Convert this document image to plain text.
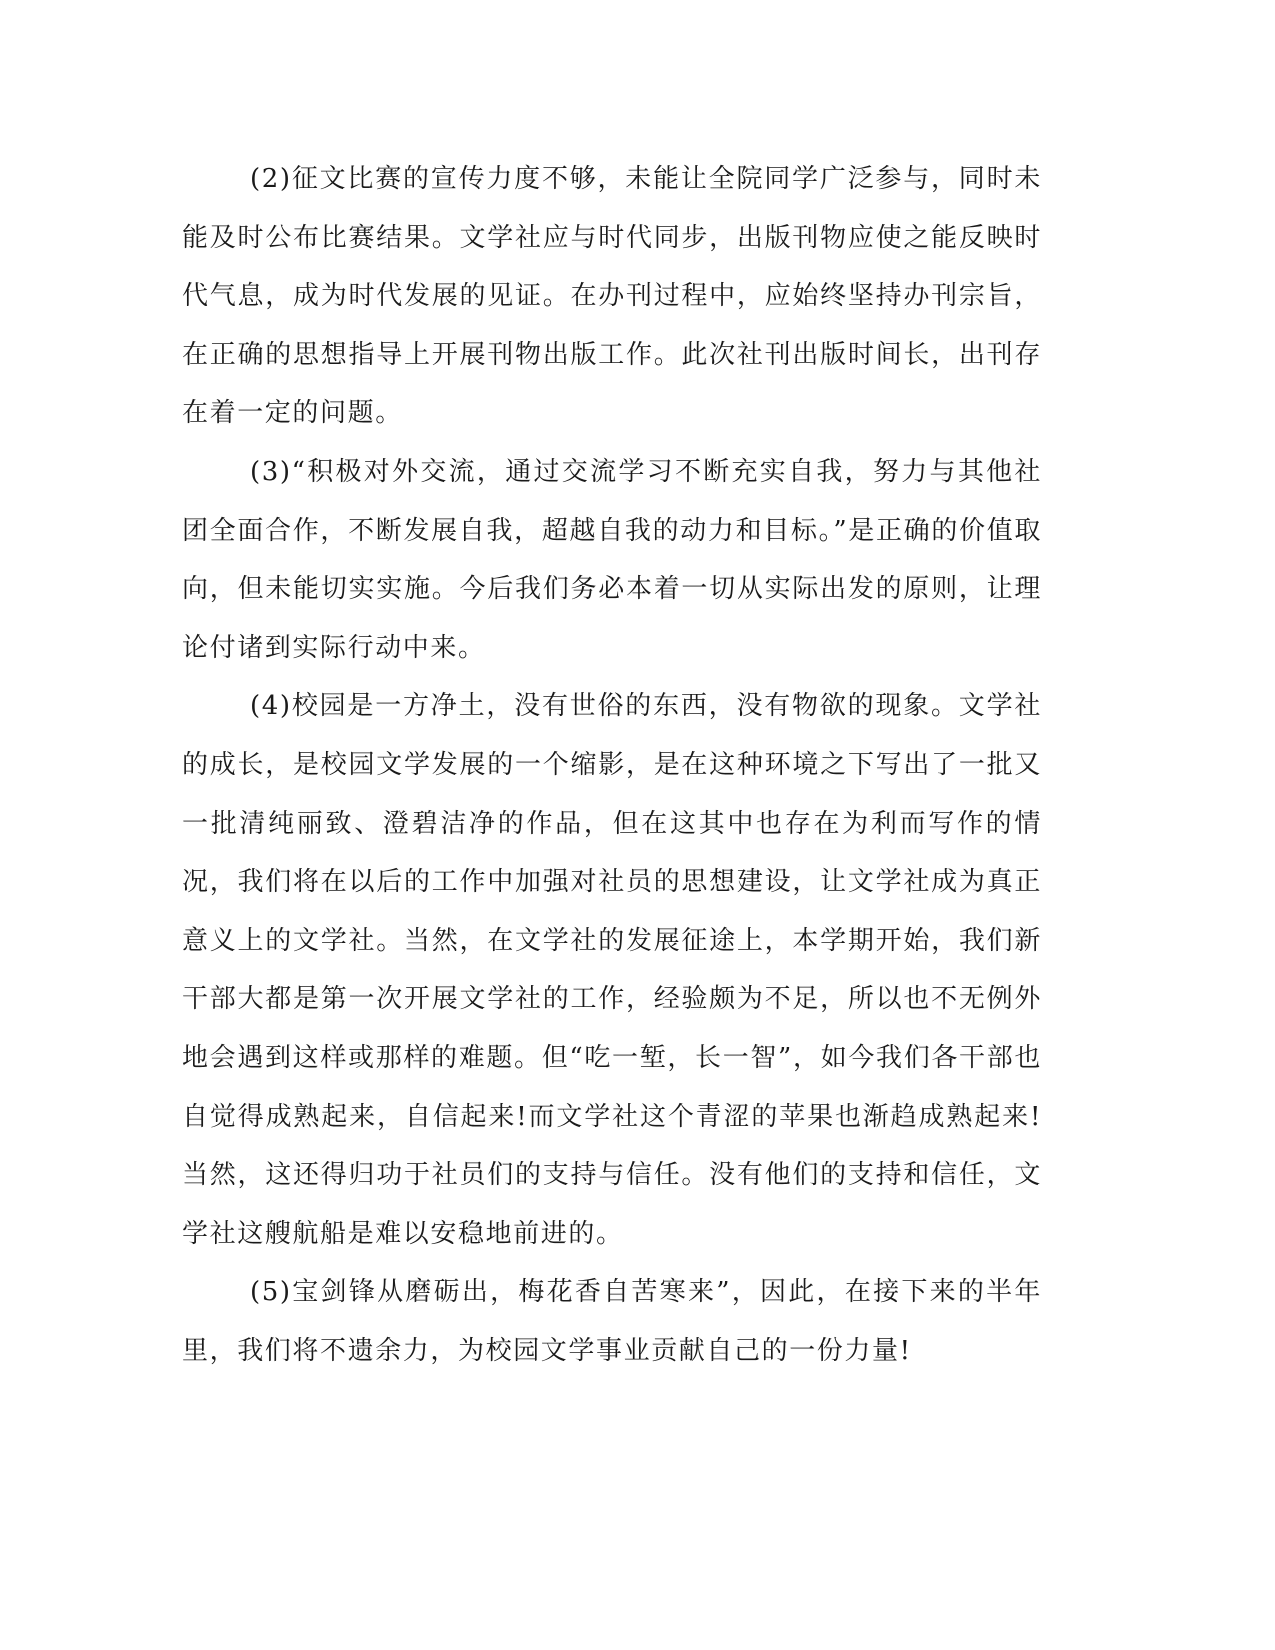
(2)征文比赛的宣传力度不够，未能让全院同学广泛参与，同时未能及时公布比赛结果。文学社应与时代同步，出版刊物应使之能反映时代气息，成为时代发展的见证。在办刊过程中，应始终坚持办刊宗旨，在正确的思想指导上开展刊物出版工作。此次社刊出版时间长，出刊存在着一定的问题。

(3)“积极对外交流，通过交流学习不断充实自我，努力与其他社团全面合作，不断发展自我，超越自我的动力和目标。”是正确的价值取向，但未能切实实施。今后我们务必本着一切从实际出发的原则，让理论付诸到实际行动中来。

(4)校园是一方净土，没有世俗的东西，没有物欲的现象。文学社的成长，是校园文学发展的一个缩影，是在这种环境之下写出了一批又一批清纯丽致、澄碧洁净的作品，但在这其中也存在为利而写作的情况，我们将在以后的工作中加强对社员的思想建设，让文学社成为真正意义上的文学社。当然，在文学社的发展征途上，本学期开始，我们新干部大都是第一次开展文学社的工作，经验颇为不足，所以也不无例外地会遇到这样或那样的难题。但“吃一堑，长一智”，如今我们各干部也自觉得成熟起来，自信起来!而文学社这个青涩的苹果也渐趋成熟起来!当然，这还得归功于社员们的支持与信任。没有他们的支持和信任，文学社这艘航船是难以安稳地前进的。

(5)宝剑锋从磨砺出，梅花香自苦寒来”，因此，在接下来的半年里，我们将不遗余力，为校园文学事业贡献自己的一份力量!
